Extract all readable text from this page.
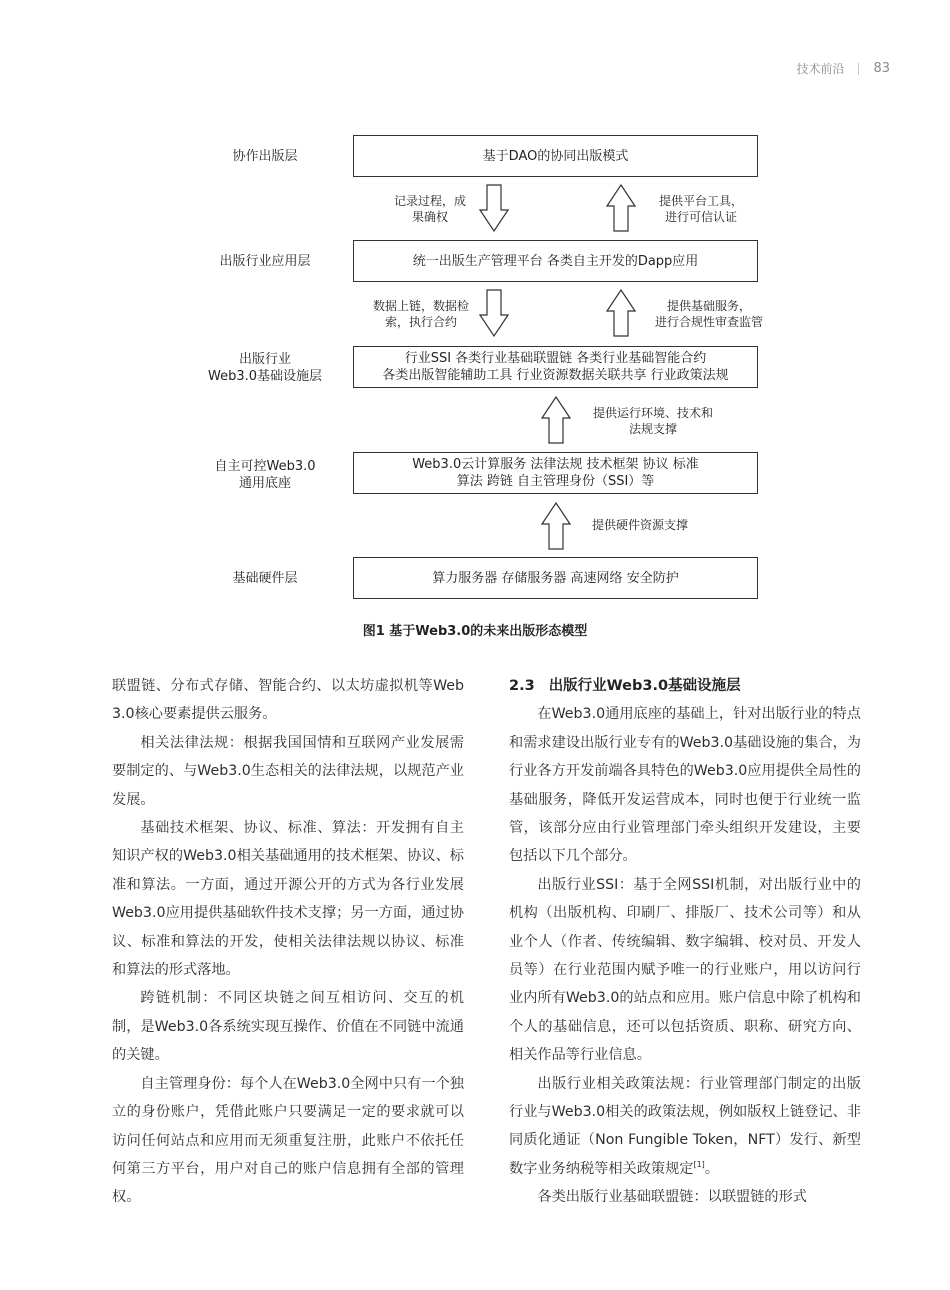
技术前沿 83
协作出版层	基于DAO的协同出版模式
记录过程，成
果确权
提供平台工具，
进行可信认证
出版行业应用层	统一出版生产管理平台 各类自主开发的Dapp应用
数据上链，数据检
索，执行合约
提供基础服务，
进行合规性审查监管
出版行业
Web3.0基础设施层
行业SSI 各类行业基础联盟链 各类行业基础智能合约
各类出版智能辅助工具 行业资源数据关联共享 行业政策法规
提供运行环境、技术和
法规支撑
自主可控Web3.0
通用底座
Web3.0云计算服务 法律法规 技术框架 协议 标准
算法 跨链 自主管理身份（SSI）等
提供硬件资源支撑
基础硬件层	算力服务器 存储服务器 高速网络 安全防护
图1 基于Web3.0的未来出版形态模型

联盟链、分布式存储、智能合约、以太坊虚拟机等Web3.0核心要素提供云服务。

相关法律法规：根据我国国情和互联网产业发展需要制定的、与Web3.0生态相关的法律法规，以规范产业发展。

基础技术框架、协议、标准、算法：开发拥有自主知识产权的Web3.0相关基础通用的技术框架、协议、标准和算法。一方面，通过开源公开的方式为各行业发展Web3.0应用提供基础软件技术支撑；另一方面，通过协议、标准和算法的开发，使相关法律法规以协议、标准和算法的形式落地。

跨链机制：不同区块链之间互相访问、交互的机制，是Web3.0各系统实现互操作、价值在不同链中流通的关键。

自主管理身份：每个人在Web3.0全网中只有一个独立的身份账户，凭借此账户只要满足一定的要求就可以访问任何站点和应用而无须重复注册，此账户不依托任何第三方平台，用户对自己的账户信息拥有全部的管理权。

2.3 出版行业Web3.0基础设施层

在Web3.0通用底座的基础上，针对出版行业的特点和需求建设出版行业专有的Web3.0基础设施的集合，为行业各方开发前端各具特色的Web3.0应用提供全局性的基础服务，降低开发运营成本，同时也便于行业统一监管，该部分应由行业管理部门牵头组织开发建设，主要包括以下几个部分。

出版行业SSI：基于全网SSI机制，对出版行业中的机构（出版机构、印刷厂、排版厂、技术公司等）和从业个人（作者、传统编辑、数字编辑、校对员、开发人员等）在行业范围内赋予唯一的行业账户，用以访问行业内所有Web3.0的站点和应用。账户信息中除了机构和个人的基础信息，还可以包括资质、职称、研究方向、相关作品等行业信息。

出版行业相关政策法规：行业管理部门制定的出版行业与Web3.0相关的政策法规，例如版权上链登记、非同质化通证（Non Fungible Token，NFT）发行、新型数字业务纳税等相关政策规定[1]。

各类出版行业基础联盟链：以联盟链的形式
